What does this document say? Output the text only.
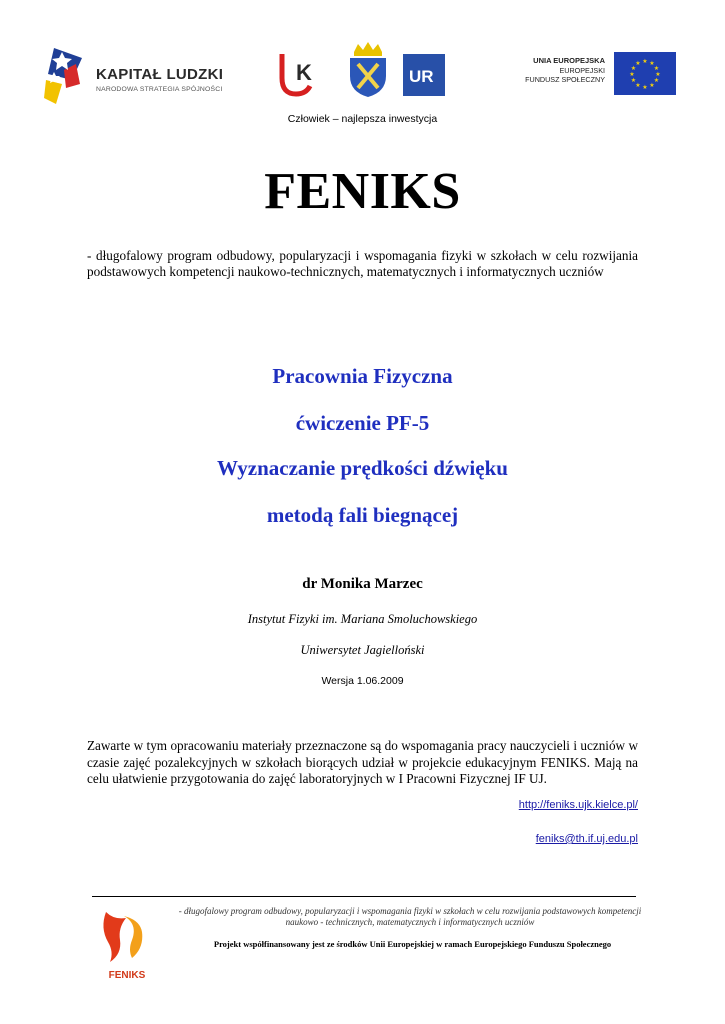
KAPITAŁ LUDZKI
NARODOWA STRATEGIA SPÓJNOŚCI
K	UR
UNIA EUROPEJSKA
EUROPEJSKI
FUNDUSZ SPOŁECZNY
★ ★
★
★
★
★
★
★
★
★
★
★
Człowiek – najlepsza inwestycja
FENIKS
- długofalowy program odbudowy, popularyzacji i wspomagania fizyki w szkołach w celu rozwijania podstawowych kompetencji naukowo-technicznych, matematycznych i informatycznych uczniów
Pracownia Fizyczna
ćwiczenie PF-5
Wyznaczanie prędkości dźwięku
metodą fali biegnącej
dr Monika Marzec
Instytut Fizyki im. Mariana Smoluchowskiego
Uniwersytet Jagielloński
Wersja 1.06.2009
Zawarte w tym opracowaniu materiały przeznaczone są do wspomagania pracy nauczycieli i uczniów w czasie zajęć pozalekcyjnych w szkołach biorących udział w projekcie edukacyjnym FENIKS. Mają na celu ułatwienie przygotowania do zajęć laboratoryjnych w I Pracowni Fizycznej IF UJ.
http://feniks.ujk.kielce.pl/
feniks@th.if.uj.edu.pl
FENIKS
- długofalowy program odbudowy, popularyzacji i wspomagania fizyki w szkołach w celu rozwijania podstawowych kompetencji naukowo - technicznych, matematycznych i informatycznych uczniów
Projekt współfinansowany jest ze środków Unii Europejskiej w ramach Europejskiego Funduszu Społecznego
